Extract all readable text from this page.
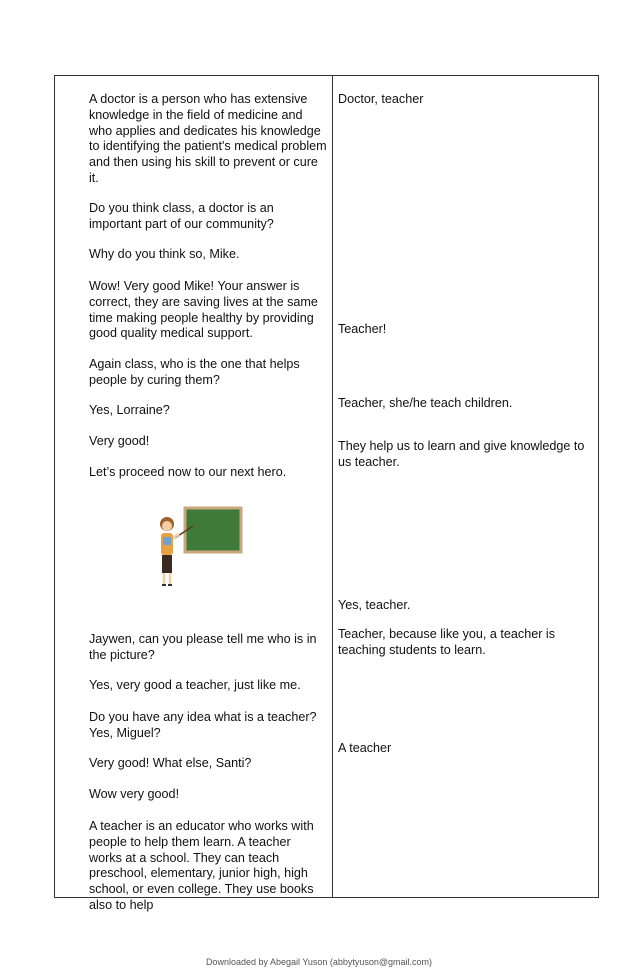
A doctor is a person who has extensive knowledge in the field of medicine and who applies and dedicates his knowledge to identifying the patient's medical problem and then using his skill to prevent or cure it.

Do you think class, a doctor is an important part of our community?

Why do you think so, Mike.

Wow! Very good Mike! Your answer is correct, they are saving lives at the same time making people healthy by providing good quality medical support.

Again class, who is the one that helps people by curing them?

Yes, Lorraine?

Very good!

Let’s proceed now to our next hero.

Jaywen, can you please tell me who is in the picture?

Yes, very good a teacher, just like me.

Do you have any idea what is a teacher? Yes, Miguel?

Very good! What else, Santi?

Wow very good!

A teacher is an educator who works with people to help them learn. A teacher works at a school. They can teach preschool, elementary, junior high, high school, or even college. They use books also to help

Doctor, teacher

Teacher!

Teacher, she/he teach children.

They help us to learn and give knowledge to us teacher.

Yes, teacher.

Teacher, because like you, a teacher is teaching students to learn.

A teacher

Downloaded by Abegail Yuson (abbytyuson@gmail.com)
